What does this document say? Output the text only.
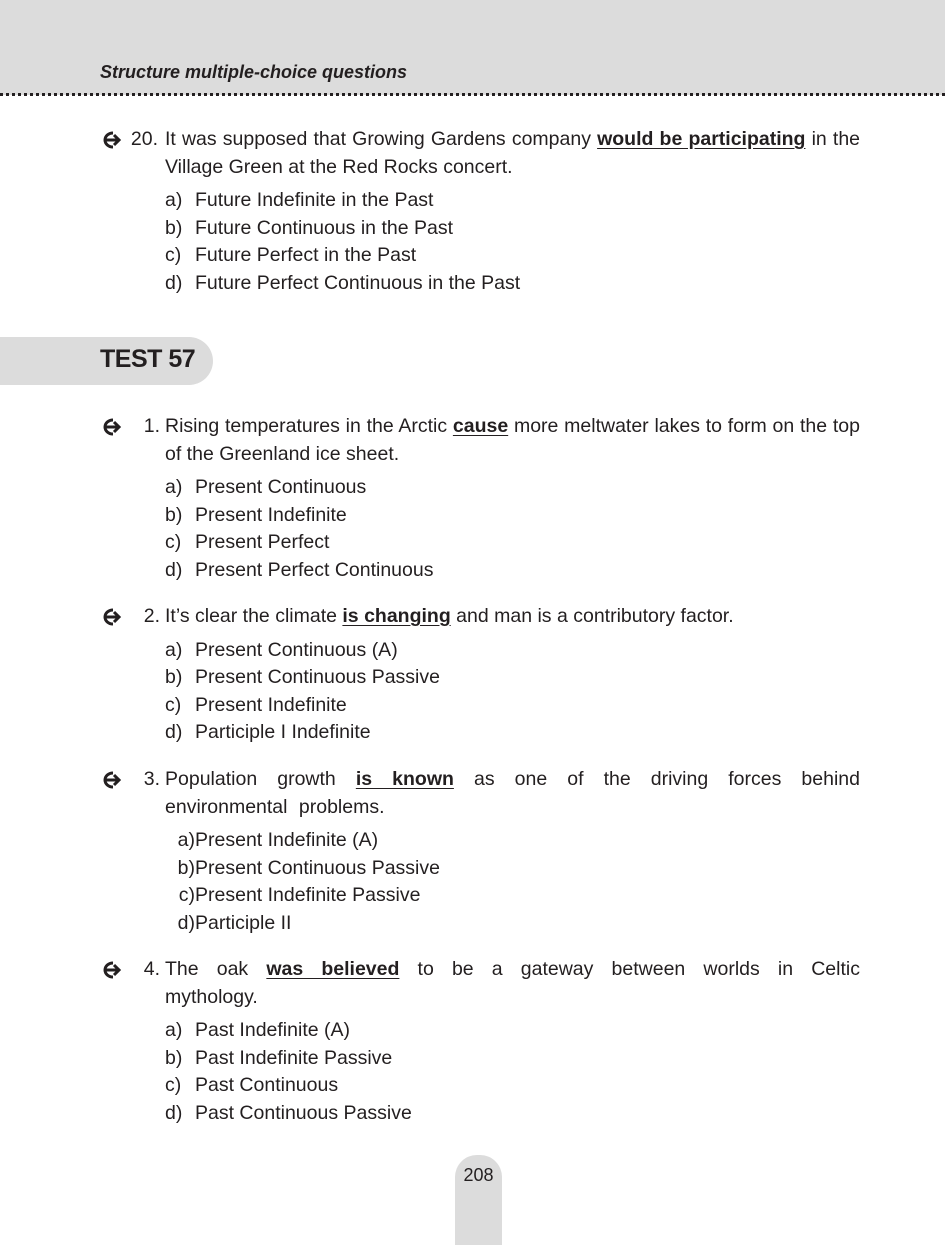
Structure multiple-choice questions
20. It was supposed that Growing Gardens company would be participating in the Village Green at the Red Rocks concert.
a) Future Indefinite in the Past
b) Future Continuous in the Past
c) Future Perfect in the Past
d) Future Perfect Continuous in the Past
TEST 57
1. Rising temperatures in the Arctic cause more meltwater lakes to form on the top of the Greenland ice sheet.
a) Present Continuous
b) Present Indefinite
c) Present Perfect
d) Present Perfect Continuous
2. It’s clear the climate is changing and man is a contributory factor.
a) Present Continuous (A)
b) Present Continuous Passive
c) Present Indefinite
d) Participle I Indefinite
3. Population growth is known as one of the driving forces behind environmental problems.
a)Present Indefinite (A)
b)Present Continuous Passive
c)Present Indefinite Passive
d)Participle II
4. The oak was believed to be a gateway between worlds in Celtic mythology.
a) Past Indefinite (A)
b) Past Indefinite Passive
c) Past Continuous
d) Past Continuous Passive
208
